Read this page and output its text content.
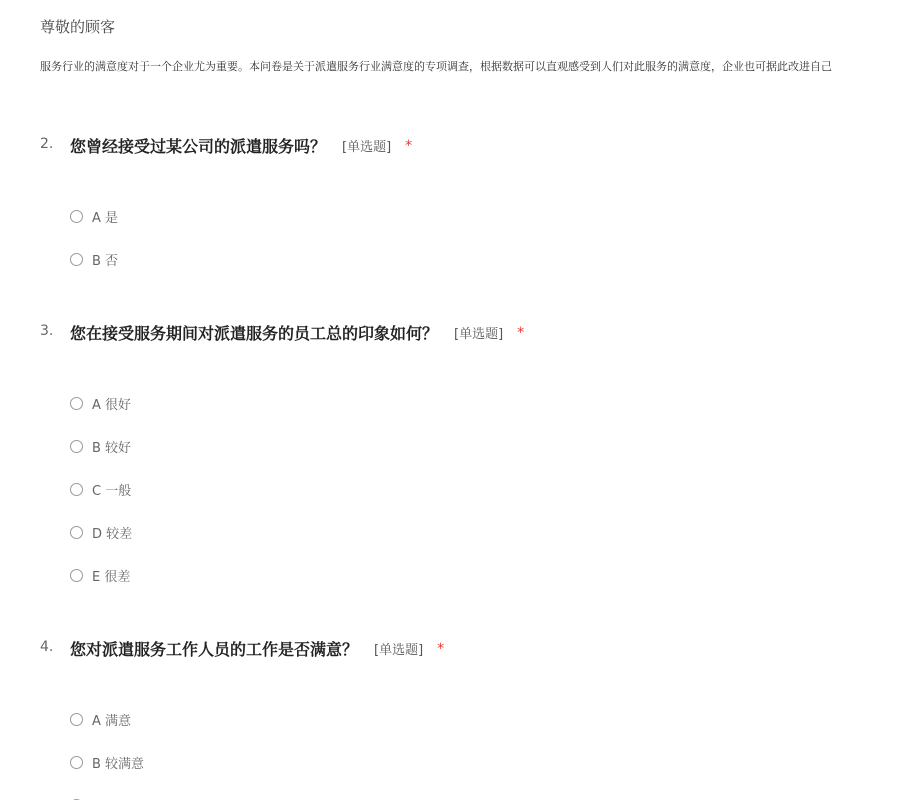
尊敬的顾客
服务行业的满意度对于一个企业尤为重要。本问卷是关于派遣服务行业满意度的专项调查，根据数据可以直观感受到人们对此服务的满意度，企业也可据此改进自己
2. 您曾经接受过某公司的派遣服务吗？ [单选题] *
A 是
B 否
3. 您在接受服务期间对派遣服务的员工总的印象如何？ [单选题] *
A 很好
B 较好
C 一般
D 较差
E 很差
4. 您对派遣服务工作人员的工作是否满意？ [单选题] *
A 满意
B 较满意
